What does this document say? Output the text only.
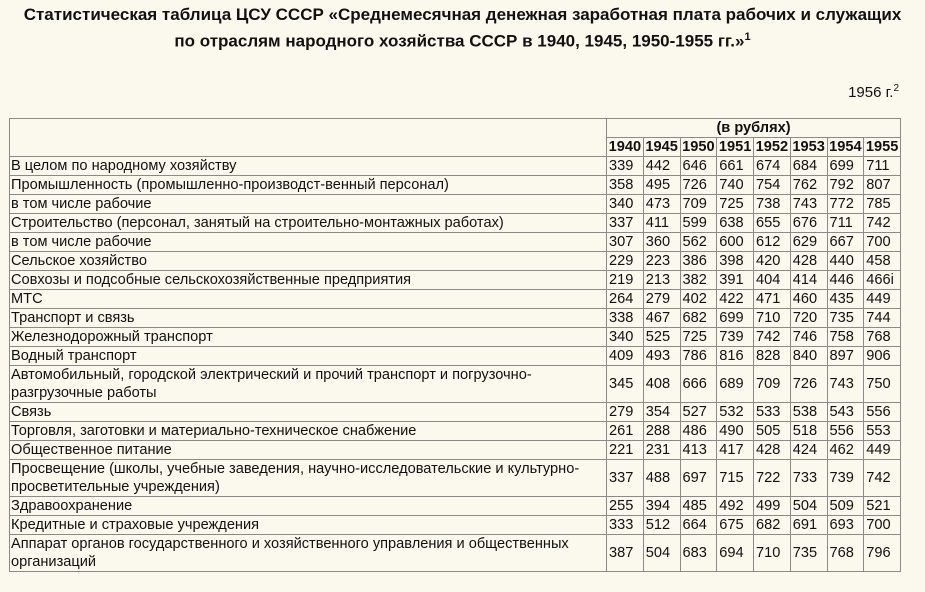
Статистическая таблица ЦСУ СССР «Среднемесячная денежная заработная плата рабочих и служащих по отраслям народного хозяйства СССР в 1940, 1945, 1950-1955 гг.»$^1$
1956 г.$^2$
	(в рублях)							
	1940	1945	1950	1951	1952	1953	1954	1955
В целом по народному хозяйству	339	442	646	661	674	684	699	711
Промышленность (промышленно-производст-венный персонал)	358	495	726	740	754	762	792	807
в том числе рабочие	340	473	709	725	738	743	772	785
Строительство (персонал, занятый на строительно-монтажных работах)	337	411	599	638	655	676	711	742
в том числе рабочие	307	360	562	600	612	629	667	700
Сельское хозяйство	229	223	386	398	420	428	440	458
Совхозы и подсобные сельскохозяйственные предприятия	219	213	382	391	404	414	446	466i
МТС	264	279	402	422	471	460	435	449
Транспорт и связь	338	467	682	699	710	720	735	744
Железнодорожный транспорт	340	525	725	739	742	746	758	768
Водный транспорт	409	493	786	816	828	840	897	906
Автомобильный, городской электрический и прочий транспорт и погрузочно-разгрузочные работы	345	408	666	689	709	726	743	750
Связь	279	354	527	532	533	538	543	556
Торговля, заготовки и материально-техническое снабжение	261	288	486	490	505	518	556	553
Общественное питание	221	231	413	417	428	424	462	449
Просвещение (школы, учебные заведения, научно-исследовательские и культурно-просветительные учреждения)	337	488	697	715	722	733	739	742
Здравоохранение	255	394	485	492	499	504	509	521
Кредитные и страховые учреждения	333	512	664	675	682	691	693	700
Аппарат органов государственного и хозяйственного управления и общественных организаций	387	504	683	694	710	735	768	796
